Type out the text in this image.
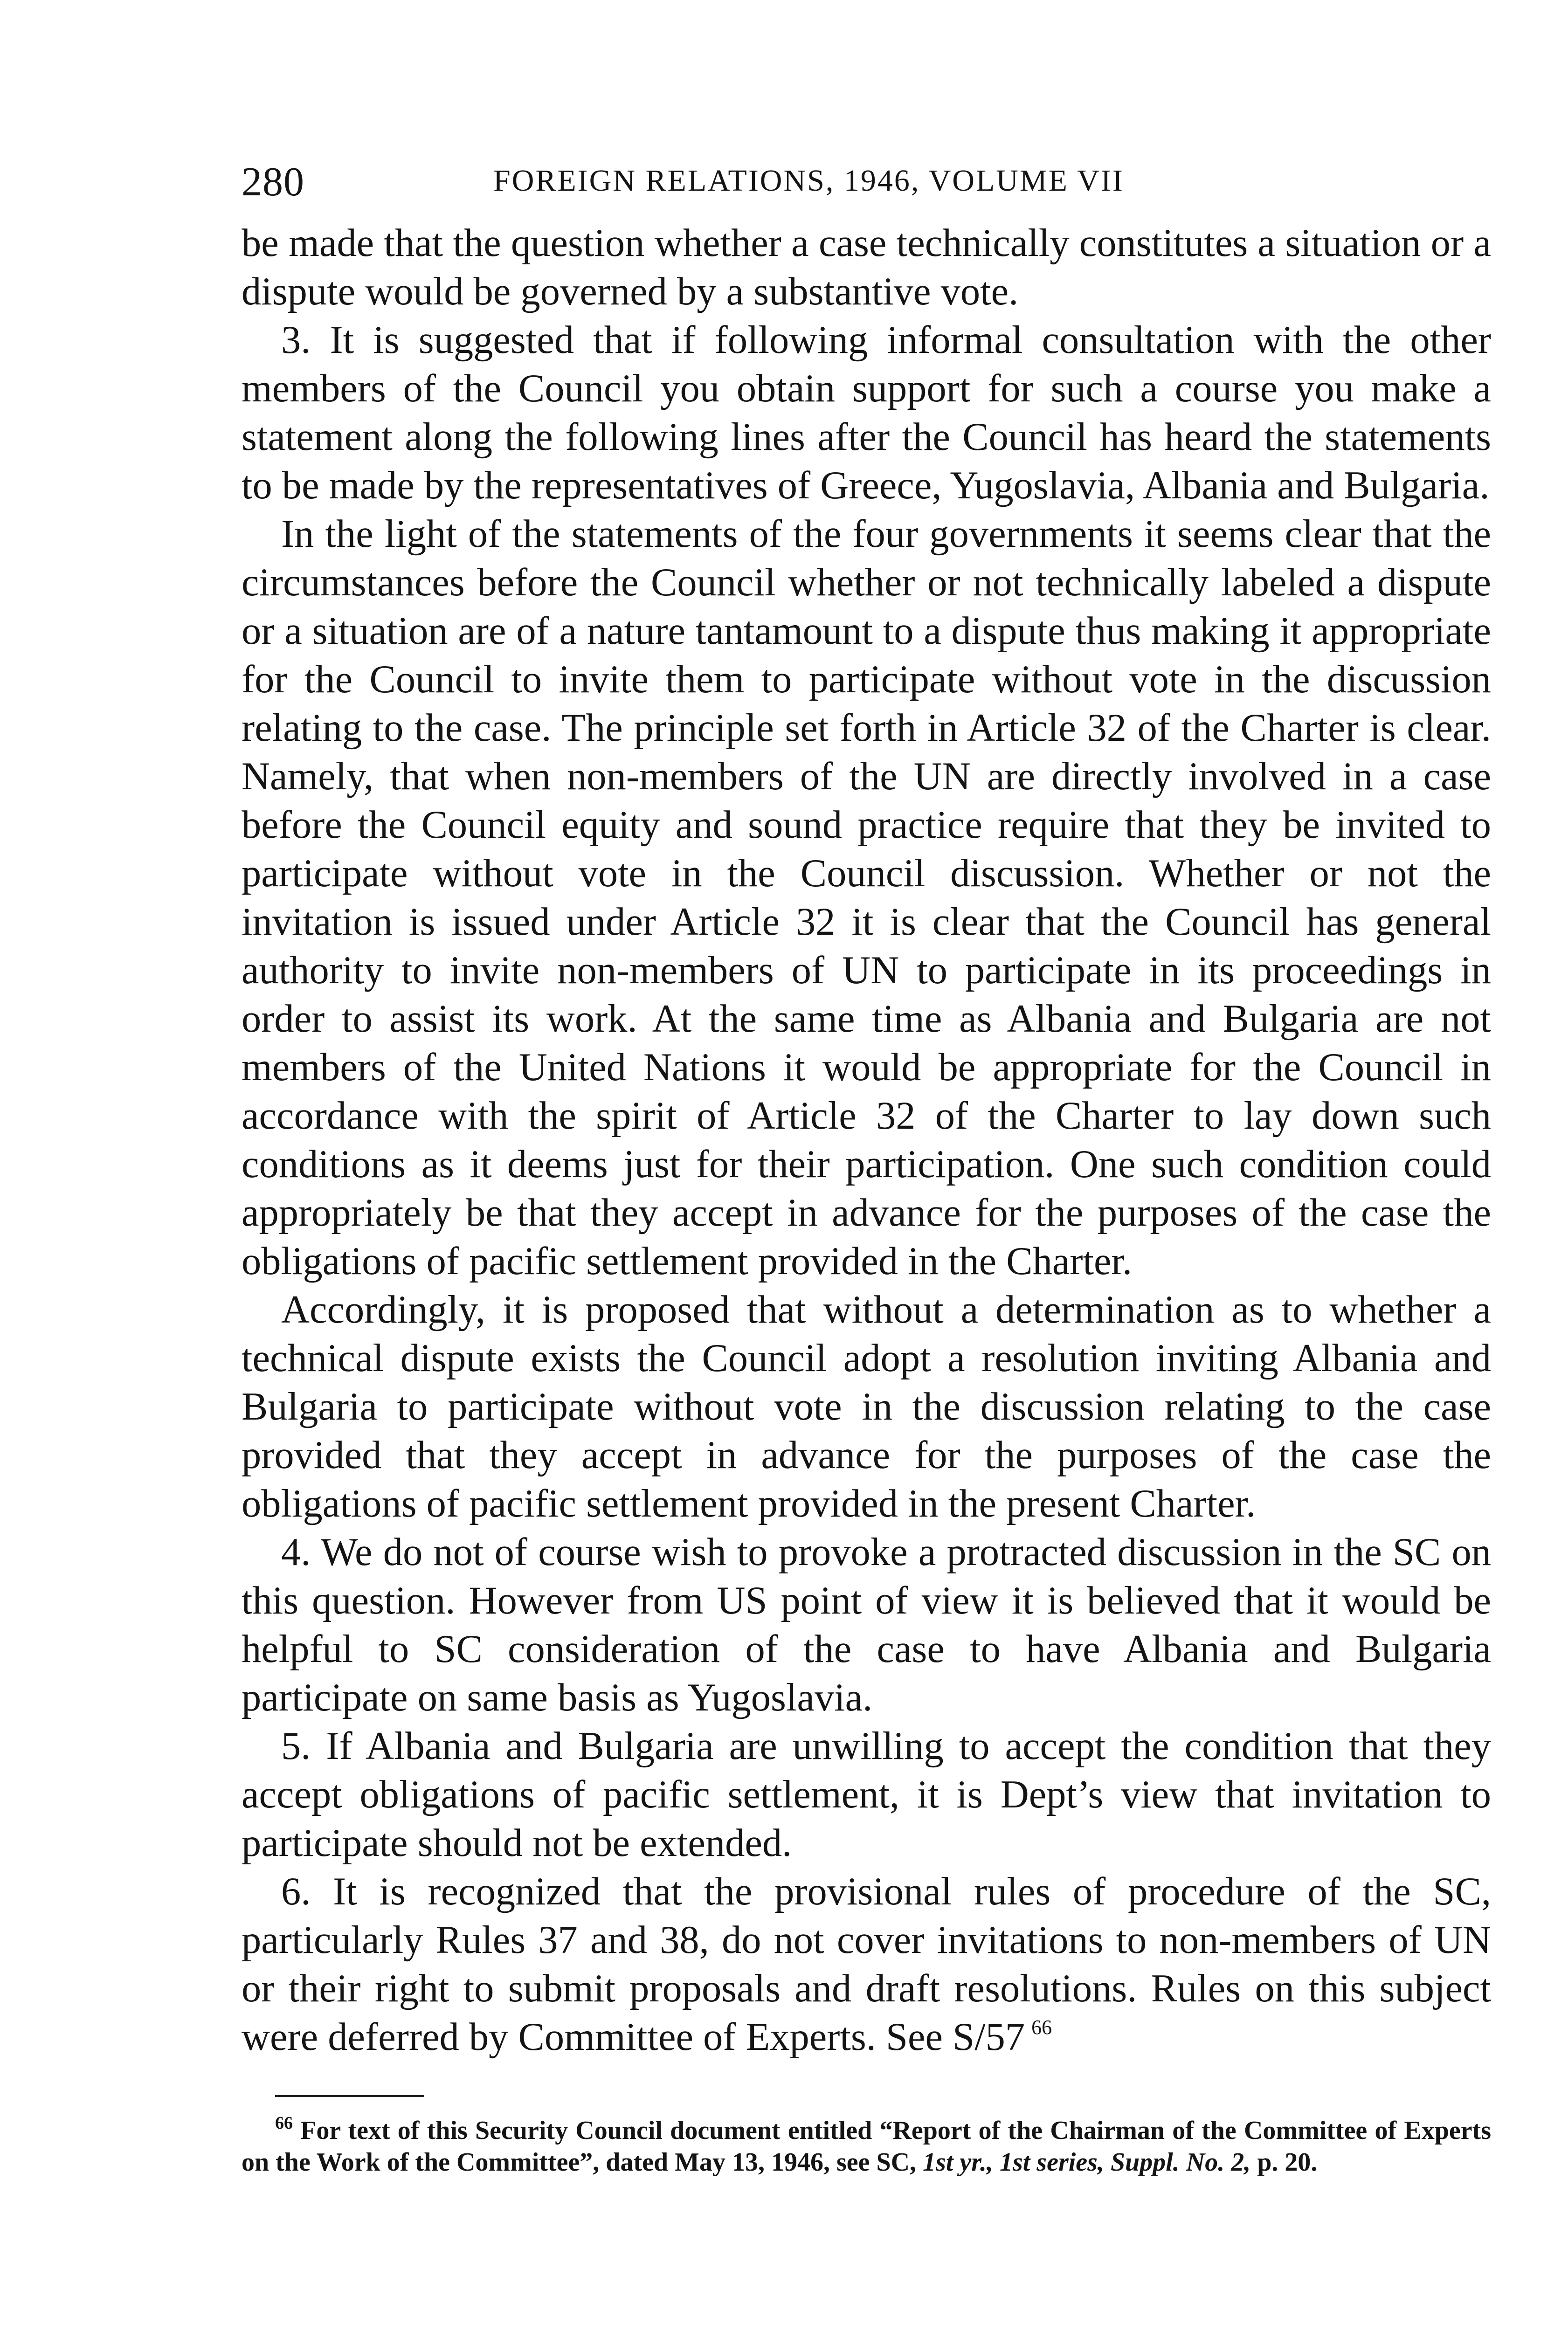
280	FOREIGN RELATIONS, 1946, VOLUME VII

be made that the question whether a case technically constitutes a situation or a dispute would be governed by a substantive vote.

3. It is suggested that if following informal consultation with the other members of the Council you obtain support for such a course you make a statement along the following lines after the Council has heard the statements to be made by the representatives of Greece, Yugoslavia, Albania and Bulgaria.

In the light of the statements of the four governments it seems clear that the circumstances before the Council whether or not technically labeled a dispute or a situation are of a nature tantamount to a dispute thus making it appropriate for the Council to invite them to participate without vote in the discussion relating to the case. The principle set forth in Article 32 of the Charter is clear. Namely, that when non-members of the UN are directly involved in a case before the Council equity and sound practice require that they be invited to participate without vote in the Council discussion. Whether or not the invitation is issued under Article 32 it is clear that the Council has general authority to invite non-members of UN to participate in its proceedings in order to assist its work. At the same time as Albania and Bulgaria are not members of the United Nations it would be appropriate for the Council in accordance with the spirit of Article 32 of the Charter to lay down such conditions as it deems just for their participation. One such condition could appropriately be that they accept in advance for the purposes of the case the obligations of pacific settlement provided in the Charter.

Accordingly, it is proposed that without a determination as to whether a technical dispute exists the Council adopt a resolution inviting Albania and Bulgaria to participate without vote in the discussion relating to the case provided that they accept in advance for the purposes of the case the obligations of pacific settlement provided in the present Charter.

4. We do not of course wish to provoke a protracted discussion in the SC on this question. However from US point of view it is believed that it would be helpful to SC consideration of the case to have Albania and Bulgaria participate on same basis as Yugoslavia.

5. If Albania and Bulgaria are unwilling to accept the condition that they accept obligations of pacific settlement, it is Dept’s view that invitation to participate should not be extended.

6. It is recognized that the provisional rules of procedure of the SC, particularly Rules 37 and 38, do not cover invitations to non-members of UN or their right to submit proposals and draft resolutions. Rules on this subject were deferred by Committee of Experts. See S/57 $^{66}$

$^{66}$ For text of this Security Council document entitled “Report of the Chairman of the Committee of Experts on the Work of the Committee”, dated May 13, 1946, see SC, 1st yr., 1st series, Suppl. No. 2, p. 20.
